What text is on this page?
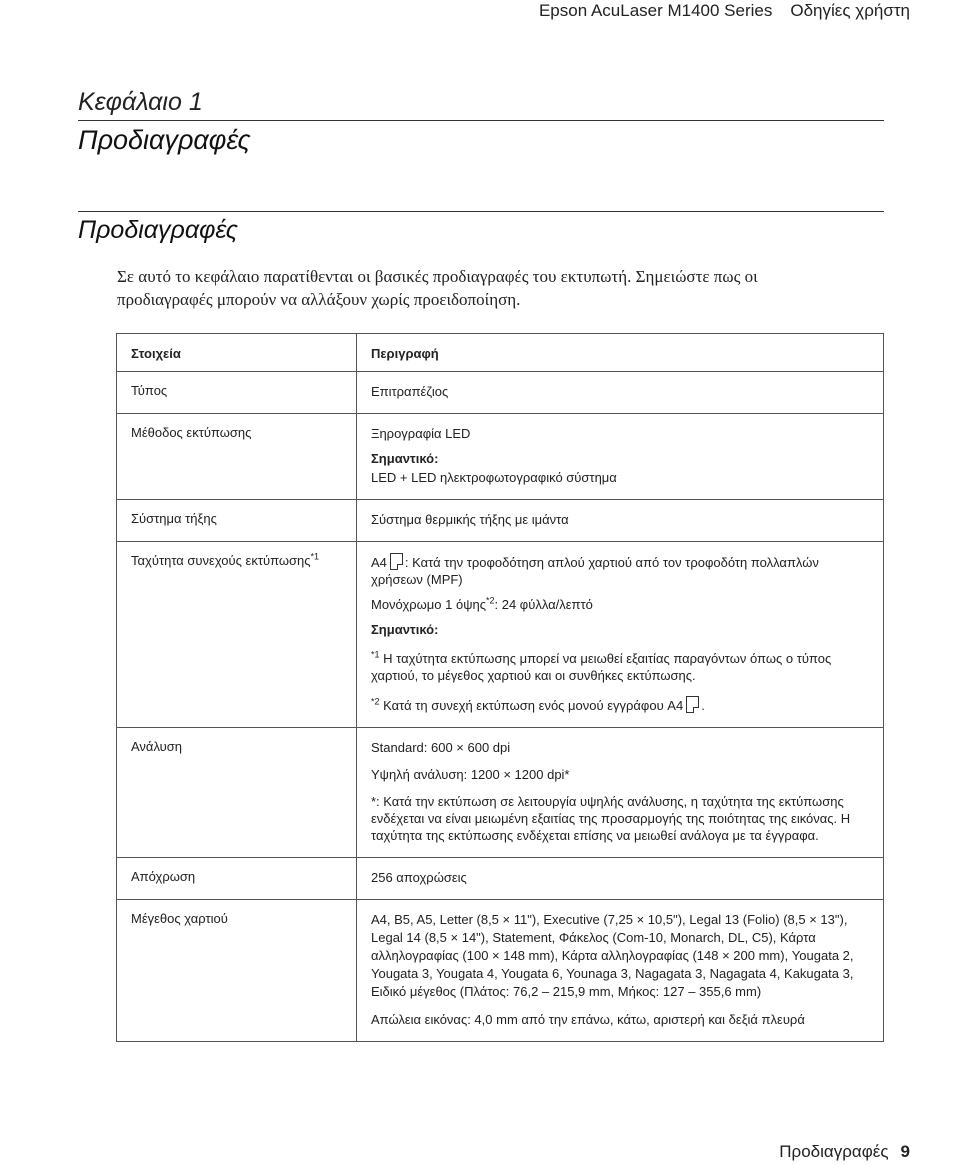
Epson AcuLaser M1400 Series Οδηγίες χρήστη
Κεφάλαιο 1
Προδιαγραφές
Προδιαγραφές

Σε αυτό το κεφάλαιο παρατίθενται οι βασικές προδιαγραφές του εκτυπωτή. Σημειώστε πως οι

προδιαγραφές μπορούν να αλλάξουν χωρίς προειδοποίηση.

Στοιχεία	Περιγραφή
Τύπος	Επιτραπέζιος

Μέθοδος εκτύπωσης	Ξηρογραφία LED

Σημαντικό:

LED + LED ηλεκτροφωτογραφικό σύστημα

Σύστημα τήξης	Σύστημα θερμικής τήξης με ιμάντα

Ταχύτητα συνεχούς εκτύπωσης$^{*1}$	A4 : Κατά την τροφοδότηση απλού χαρτιού από τον τροφοδότη πολλαπλών χρήσεων (MPF)

Μονόχρωμο 1 όψης$^{*2}$: 24 φύλλα/λεπτό

Σημαντικό:

$^{*1}$ Η ταχύτητα εκτύπωσης μπορεί να μειωθεί εξαιτίας παραγόντων όπως ο τύπος χαρτιού, το μέγεθος χαρτιού και οι συνθήκες εκτύπωσης.

$^{*2}$ Κατά τη συνεχή εκτύπωση ενός μονού εγγράφου A4 .

Ανάλυση	Standard: 600 × 600 dpi

Υψηλή ανάλυση: 1200 × 1200 dpi*

*: Κατά την εκτύπωση σε λειτουργία υψηλής ανάλυσης, η ταχύτητα της εκτύπωσης ενδέχεται να είναι μειωμένη εξαιτίας της προσαρμογής της ποιότητας της εικόνας. Η ταχύτητα της εκτύπωσης ενδέχεται επίσης να μειωθεί ανάλογα με τα έγγραφα.

Απόχρωση	256 αποχρώσεις

Μέγεθος χαρτιού	A4, B5, A5, Letter (8,5 × 11"), Executive (7,25 × 10,5"), Legal 13 (Folio) (8,5 × 13"), Legal 14 (8,5 × 14"), Statement, Φάκελος (Com-10, Monarch, DL, C5), Κάρτα αλληλογραφίας (100 × 148 mm), Κάρτα αλληλογραφίας (148 × 200 mm), Yougata 2, Yougata 3, Yougata 4, Yougata 6, Younaga 3, Nagagata 3, Nagagata 4, Kakugata 3, Ειδικό μέγεθος (Πλάτος: 76,2 – 215,9 mm, Μήκος: 127 – 355,6 mm)

Απώλεια εικόνας: 4,0 mm από την επάνω, κάτω, αριστερή και δεξιά πλευρά

Προδιαγραφές 9
